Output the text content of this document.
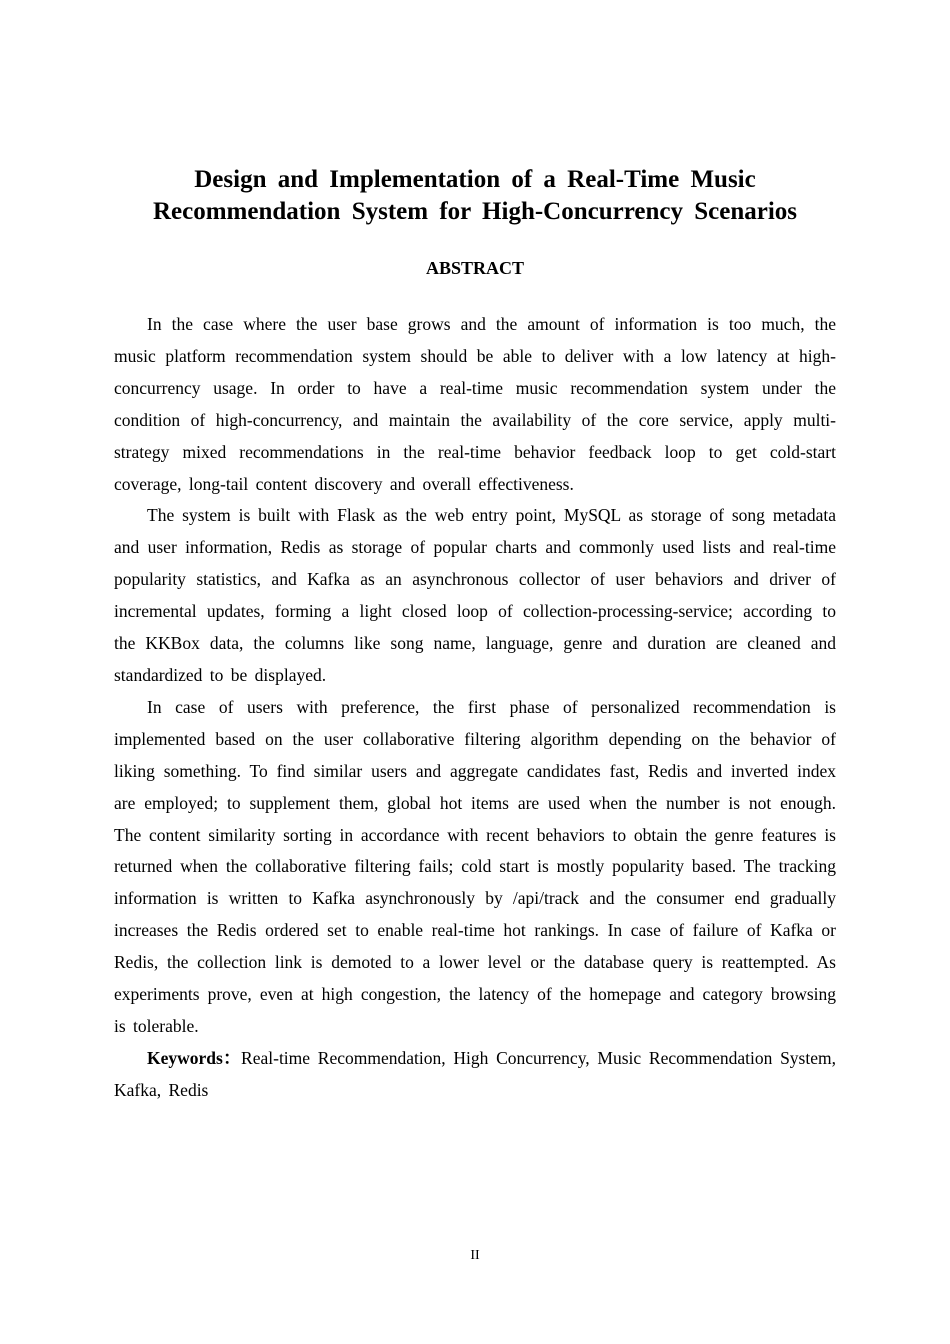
Design and Implementation of a Real-Time Music
Recommendation System for High-Concurrency Scenarios
ABSTRACT

In the case where the user base grows and the amount of information is too much, the music platform recommendation system should be able to deliver with a low latency at high-concurrency usage. In order to have a real-time music recommendation system under the condition of high-concurrency, and maintain the availability of the core service, apply multi-strategy mixed recommendations in the real-time behavior feedback loop to get cold-start coverage, long-tail content discovery and overall effectiveness.

The system is built with Flask as the web entry point, MySQL as storage of song metadata and user information, Redis as storage of popular charts and commonly used lists and real-time popularity statistics, and Kafka as an asynchronous collector of user behaviors and driver of incremental updates, forming a light closed loop of collection-processing-service; according to the KKBox data, the columns like song name, language, genre and duration are cleaned and standardized to be displayed.

In case of users with preference, the first phase of personalized recommendation is implemented based on the user collaborative filtering algorithm depending on the behavior of liking something. To find similar users and aggregate candidates fast, Redis and inverted index are employed; to supplement them, global hot items are used when the number is not enough. The content similarity sorting in accordance with recent behaviors to obtain the genre features is returned when the collaborative filtering fails; cold start is mostly popularity based. The tracking information is written to Kafka asynchronously by /api/track and the consumer end gradually increases the Redis ordered set to enable real-time hot rankings. In case of failure of Kafka or Redis, the collection link is demoted to a lower level or the database query is reattempted. As experiments prove, even at high congestion, the latency of the homepage and category browsing is tolerable.

Keywords：Real-time Recommendation, High Concurrency, Music Recommendation System, Kafka, Redis

II
